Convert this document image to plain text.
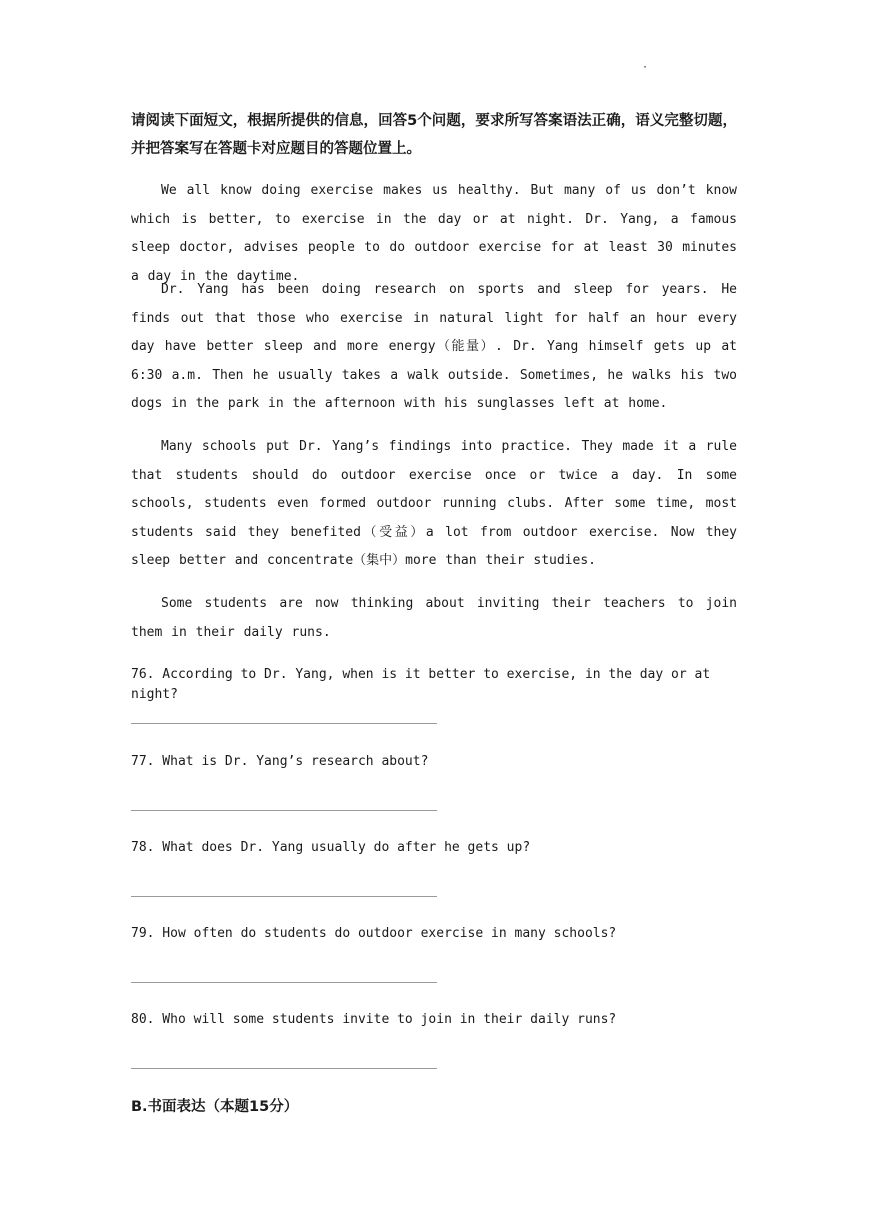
·

请阅读下面短文，根据所提供的信息，回答5个问题，要求所写答案语法正确，语义完整切题，并把答案写在答题卡对应题目的答题位置上。

We all know doing exercise makes us healthy. But many of us don’t know which is better, to exercise in the day or at night. Dr. Yang, a famous sleep doctor, advises people to do outdoor exercise for at least 30 minutes a day in the daytime.

Dr. Yang has been doing research on sports and sleep for years. He finds out that those who exercise in natural light for half an hour every day have better sleep and more energy（能量）. Dr. Yang himself gets up at 6:30 a.m. Then he usually takes a walk outside. Sometimes, he walks his two dogs in the park in the afternoon with his sunglasses left at home.

Many schools put Dr. Yang’s findings into practice. They made it a rule that students should do outdoor exercise once or twice a day. In some schools, students even formed outdoor running clubs. After some time, most students said they benefited（受益）a lot from outdoor exercise. Now they sleep better and concentrate（集中）more than their studies.

Some students are now thinking about inviting their teachers to join them in their daily runs.

76. According to Dr. Yang, when is it better to exercise, in the day or at night?

77. What is Dr. Yang’s research about?

78. What does Dr. Yang usually do after he gets up?

79. How often do students do outdoor exercise in many schools?

80. Who will some students invite to join in their daily runs?

B.书面表达（本题15分）
